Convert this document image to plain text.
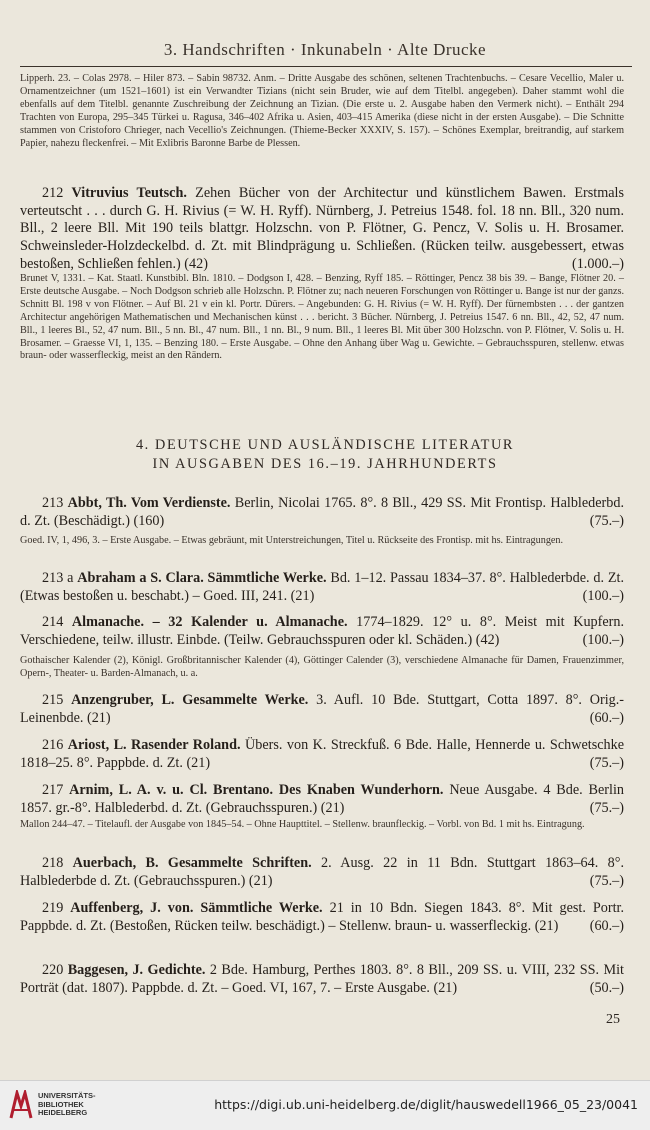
3. Handschriften · Inkunabeln · Alte Drucke
Lipperh. 23. – Colas 2978. – Hiler 873. – Sabin 98732. Anm. – Dritte Ausgabe des schönen, seltenen Trachtenbuchs. – Cesare Vecellio, Maler u. Ornamentzeichner (um 1521–1601) ist ein Verwandter Tizians (nicht sein Bruder, wie auf dem Titelbl. angegeben). Daher stammt wohl die ebenfalls auf dem Titelbl. genannte Zuschreibung der Zeichnung an Tizian. (Die erste u. 2. Ausgabe haben den Vermerk nicht). – Enthält 294 Trachten von Europa, 295–345 Türkei u. Ragusa, 346–402 Afrika u. Asien, 403–415 Amerika (diese nicht in der ersten Ausgabe). – Die Schnitte stammen von Cristoforo Chrieger, nach Vecellio's Zeichnungen. (Thieme-Becker XXXIV, S. 157). – Schönes Exemplar, breitrandig, auf starkem Papier, nahezu fleckenfrei. – Mit Exlibris Baronne Barbe de Plessen.
212 Vitruvius Teutsch. Zehen Bücher von der Architectur und künstlichem Bawen. Erstmals verteutscht . . . durch G. H. Rivius (= W. H. Ryff). Nürnberg, J. Petreius 1548. fol. 18 nn. Bll., 320 num. Bll., 2 leere Bll. Mit 190 teils blattgr. Holzschn. von P. Flötner, G. Pencz, V. Solis u. H. Brosamer. Schweinsleder-Holzdeckelbd. d. Zt. mit Blindprägung u. Schließen. (Rücken teilw. ausgebessert, etwas bestoßen, Schließen fehlen.) (42)	(1.000.–)
Brunet V, 1331. – Kat. Staatl. Kunstbibl. Bln. 1810. – Dodgson I, 428. – Benzing, Ryff 185. – Röttinger, Pencz 38 bis 39. – Bange, Flötner 20. – Erste deutsche Ausgabe. – Noch Dodgson schrieb alle Holzschn. P. Flötner zu; nach neueren Forschungen von Röttinger u. Bange ist nur der ganzs. Schnitt Bl. 198 v von Flötner. – Auf Bl. 21 v ein kl. Portr. Dürers. – Angebunden: G. H. Rivius (= W. H. Ryff). Der fürnembsten . . . der gantzen Architectur angehörigen Mathematischen und Mechanischen künst . . . bericht. 3 Bücher. Nürnberg, J. Petreius 1547. 6 nn. Bll., 42, 52, 47 num. Bll., 1 leeres Bl., 52, 47 num. Bll., 5 nn. Bl., 47 num. Bll., 1 nn. Bl., 9 num. Bll., 1 leeres Bl. Mit über 300 Holzschn. von P. Flötner, V. Solis u. H. Brosamer. – Graesse VI, 1, 135. – Benzing 180. – Erste Ausgabe. – Ohne den Anhang über Wag u. Gewichte. – Gebrauchsspuren, stellenw. etwas braun- oder wasserfleckig, meist an den Rändern.
4. DEUTSCHE UND AUSLÄNDISCHE LITERATUR
IN AUSGABEN DES 16.–19. JAHRHUNDERTS
213 Abbt, Th. Vom Verdienste. Berlin, Nicolai 1765. 8°. 8 Bll., 429 SS. Mit Frontisp. Halblederbd. d. Zt. (Beschädigt.) (160)	(75.–)
Goed. IV, 1, 496, 3. – Erste Ausgabe. – Etwas gebräunt, mit Unterstreichungen, Titel u. Rückseite des Frontisp. mit hs. Eintragungen.
213 a Abraham a S. Clara. Sämmtliche Werke. Bd. 1–12. Passau 1834–37. 8°. Halblederbde. d. Zt. (Etwas bestoßen u. beschabt.) – Goed. III, 241. (21)	(100.–)
214 Almanache. – 32 Kalender u. Almanache. 1774–1829. 12° u. 8°. Meist mit Kupfern. Verschiedene, teilw. illustr. Einbde. (Teilw. Gebrauchsspuren oder kl. Schäden.) (42)	(100.–)
Gothaischer Kalender (2), Königl. Großbritannischer Kalender (4), Göttinger Calender (3), verschiedene Almanache für Damen, Frauenzimmer, Opern-, Theater- u. Barden-Almanach, u. a.
215 Anzengruber, L. Gesammelte Werke. 3. Aufl. 10 Bde. Stuttgart, Cotta 1897. 8°. Orig.-Leinenbde. (21)	(60.–)
216 Ariost, L. Rasender Roland. Übers. von K. Streckfuß. 6 Bde. Halle, Hennerde u. Schwetschke 1818–25. 8°. Pappbde. d. Zt. (21)	(75.–)
217 Arnim, L. A. v. u. Cl. Brentano. Des Knaben Wunderhorn. Neue Ausgabe. 4 Bde. Berlin 1857. gr.-8°. Halblederbd. d. Zt. (Gebrauchsspuren.) (21)	(75.–)
Mallon 244–47. – Titelaufl. der Ausgabe von 1845–54. – Ohne Haupttitel. – Stellenw. braunfleckig. – Vorbl. von Bd. 1 mit hs. Eintragung.
218 Auerbach, B. Gesammelte Schriften. 2. Ausg. 22 in 11 Bdn. Stuttgart 1863–64. 8°. Halblederbde d. Zt. (Gebrauchsspuren.) (21)	(75.–)
219 Auffenberg, J. von. Sämmtliche Werke. 21 in 10 Bdn. Siegen 1843. 8°. Mit gest. Portr. Pappbde. d. Zt. (Bestoßen, Rücken teilw. beschädigt.) – Stellenw. braun- u. wasserfleckig. (21) (60.–)
220 Baggesen, J. Gedichte. 2 Bde. Hamburg, Perthes 1803. 8°. 8 Bll., 209 SS. u. VIII, 232 SS. Mit Porträt (dat. 1807). Pappbde. d. Zt. – Goed. VI, 167, 7. – Erste Ausgabe. (21)	(50.–)
25
UNIVERSITÄTS-
BIBLIOTHEK
HEIDELBERG
https://digi.ub.uni-heidelberg.de/diglit/hauswedell1966_05_23/0041
